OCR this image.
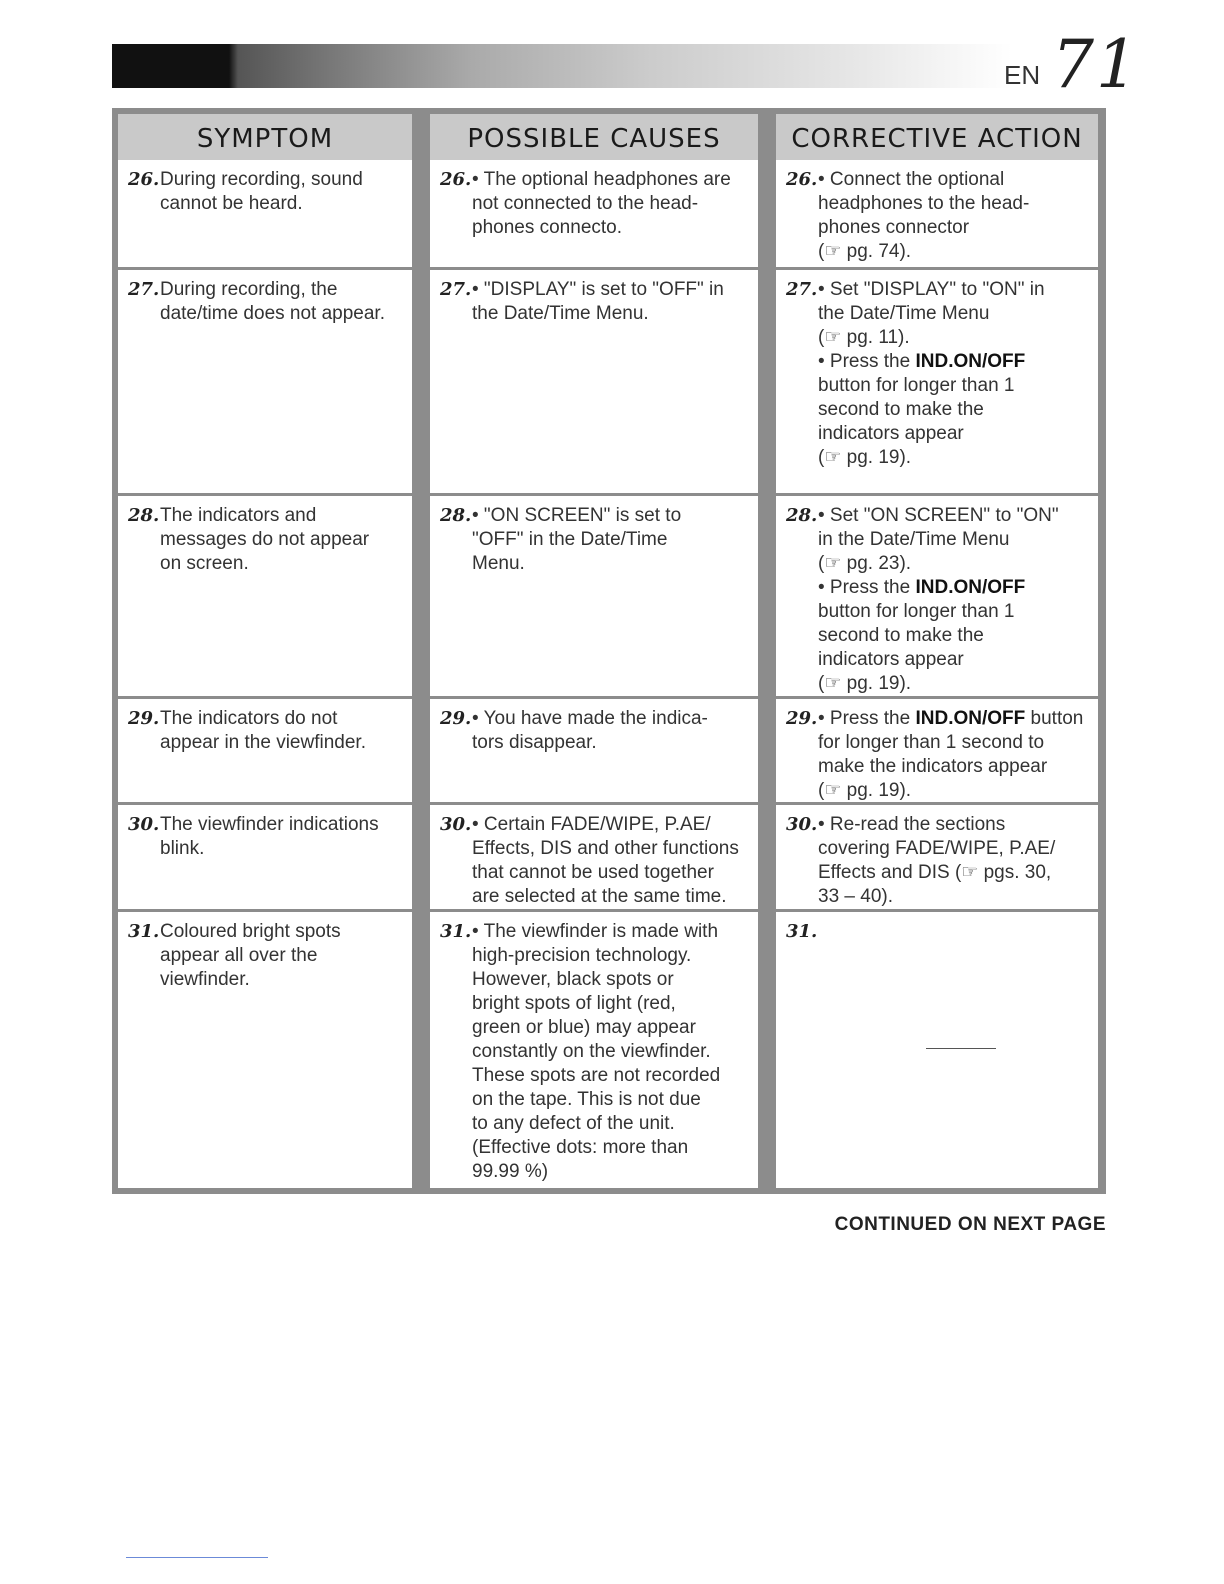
EN 71
SYMPTOM
26. During recording, sound
cannot be heard.
27. During recording, the
date/time does not appear.
28. The indicators and
messages do not appear
on screen.
29. The indicators do not
appear in the viewfinder.
30. The viewfinder indications
blink.
31. Coloured bright spots
appear all over the
viewfinder.
POSSIBLE CAUSES
26. • The optional headphones are
not connected to the head-
phones connecto.
27. • "DISPLAY" is set to "OFF" in
the Date/Time Menu.
28. • "ON SCREEN" is set to
"OFF" in the Date/Time
Menu.
29. • You have made the indica-
tors disappear.
30. • Certain FADE/WIPE, P.AE/
Effects, DIS and other functions
that cannot be used together
are selected at the same time.
31. • The viewfinder is made with
high-precision technology.
However, black spots or
bright spots of light (red,
green or blue) may appear
constantly on the viewfinder.
These spots are not recorded
on the tape. This is not due
to any defect of the unit.
(Effective dots: more than
99.99 %)
CORRECTIVE ACTION
26. • Connect the optional
headphones to the head-
phones connector
(☞ pg. 74).
27. • Set "DISPLAY" to "ON" in
the Date/Time Menu
(☞ pg. 11).
• Press the IND.ON/OFF
button for longer than 1
second to make the
indicators appear
(☞ pg. 19).
28. • Set "ON SCREEN" to "ON"
in the Date/Time Menu
(☞ pg. 23).
• Press the IND.ON/OFF
button for longer than 1
second to make the
indicators appear
(☞ pg. 19).
29. • Press the IND.ON/OFF button
for longer than 1 second to
make the indicators appear
(☞ pg. 19).
30. • Re-read the sections
covering FADE/WIPE, P.AE/
Effects and DIS (☞ pgs. 30,
33 – 40).
31.
CONTINUED ON NEXT PAGE
